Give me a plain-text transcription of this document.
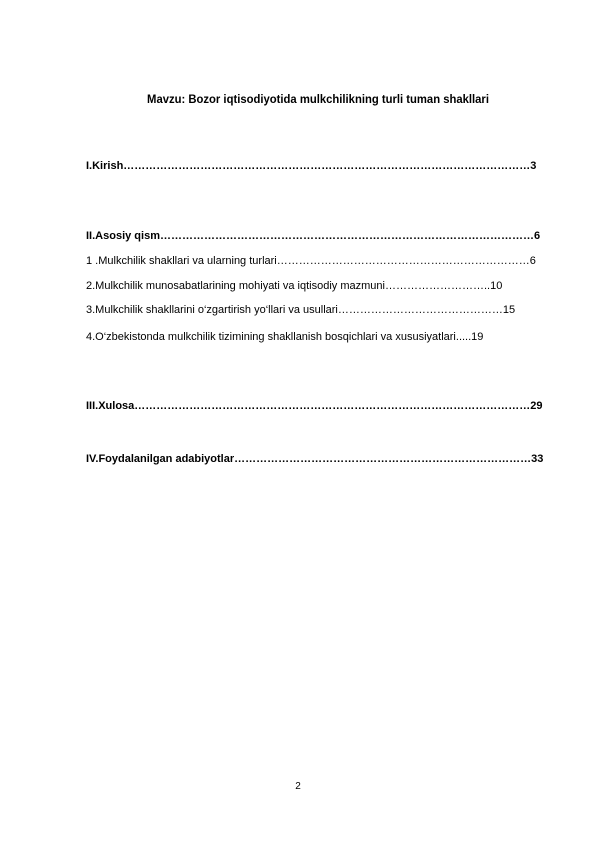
Mavzu: Bozor iqtisodiyotida mulkchilikning turli tuman shakllari
I.Kirish…………………………………………………………………………………………………3
II.Asosiy qism…………………………………………………………………………………………6
1 .Mulkchilik shakllari va ularning turlari……………………………………………………………6
2.Mulkchilik munosabatlarining mohiyati va iqtisodiy mazmuni………………………..10
3.Mulkchilik shakllarini o‘zgartirish yo‘llari va usullari………………………………………15
4.O‘zbekistonda mulkchilik tizimining shakllanish bosqichlari va xususiyatlari.....19
III.Xulosa………………………………………………………………………………………………29
IV.Foydalanilgan adabiyotlar………………………………………………………………………33
2
